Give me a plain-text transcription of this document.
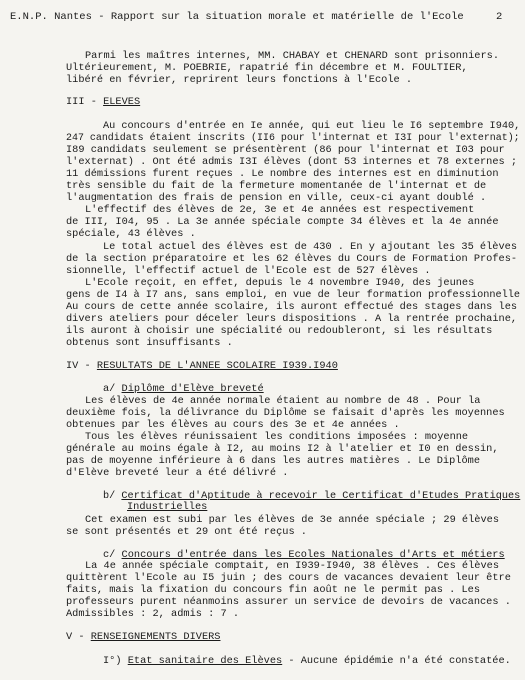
E.N.P. Nantes - Rapport sur la situation morale et matérielle de l'Ecole	2
Parmi les maîtres internes, MM. CHABAY et CHENARD sont prisonniers.
Ultérieurement, M. POEBRIE, rapatrié fin décembre et M. FOULTIER,
libéré en février, reprirent leurs fonctions à l'Ecole .
III - ELEVES
Au concours d'entrée en Ie année, qui eut lieu le I6 septembre I940,
247 candidats étaient inscrits (II6 pour l'internat et I3I pour l'externat);
I89 candidats seulement se présentèrent (86 pour l'internat et I03 pour
l'externat) . Ont été admis I3I élèves (dont 53 internes et 78 externes ;
11 démissions furent reçues . Le nombre des internes est en diminution
très sensible du fait de la fermeture momentanée de l'internat et de
l'augmentation des frais de pension en ville, ceux-ci ayant doublé .
L'effectif des élèves de 2e, 3e et 4e années est respectivement
de III, I04, 95 . La 3e année spéciale compte 34 élèves et la 4e année
spéciale, 43 élèves .
Le total actuel des élèves est de 430 . En y ajoutant les 35 élèves
de la section préparatoire et les 62 élèves du Cours de Formation Profes-
sionnelle, l'effectif actuel de l'Ecole est de 527 élèves .
L'Ecole reçoit, en effet, depuis le 4 novembre I940, des jeunes
gens de I4 à I7 ans, sans emploi, en vue de leur formation professionnelle
Au cours de cette année scolaire, ils auront effectué des stages dans les
divers ateliers pour déceler leurs dispositions . A la rentrée prochaine,
ils auront à choisir une spécialité ou redoubleront, si les résultats
obtenus sont insuffisants .
IV - RESULTATS DE L'ANNEE SCOLAIRE I939.I940
a/ Diplôme d'Elève breveté
Les élèves de 4e année normale étaient au nombre de 48 . Pour la
deuxième fois, la délivrance du Diplôme se faisait d'après les moyennes
obtenues par les élèves au cours des 3e et 4e années .
Tous les élèves réunissaient les conditions imposées : moyenne
générale au moins égale à I2, au moins I2 à l'atelier et I0 en dessin,
pas de moyenne inférieure à 6 dans les autres matières . Le Diplôme
d'Elève breveté leur a été délivré .
b/ Certificat d'Aptitude à recevoir le Certificat d'Etudes Pratiques
Industrielles
Cet examen est subi par les élèves de 3e année spéciale ; 29 élèves
se sont présentés et 29 ont été reçus .
c/ Concours d'entrée dans les Ecoles Nationales d'Arts et métiers
La 4e année spéciale comptait, en I939-I940, 38 élèves . Ces élèves
quittèrent l'Ecole au I5 juin ; des cours de vacances devaient leur être
faits, mais la fixation du concours fin août ne le permit pas . Les
professeurs purent néanmoins assurer un service de devoirs de vacances .
Admissibles : 2, admis : 7 .
V - RENSEIGNEMENTS DIVERS
I°) Etat sanitaire des Elèves - Aucune épidémie n'a été constatée.
